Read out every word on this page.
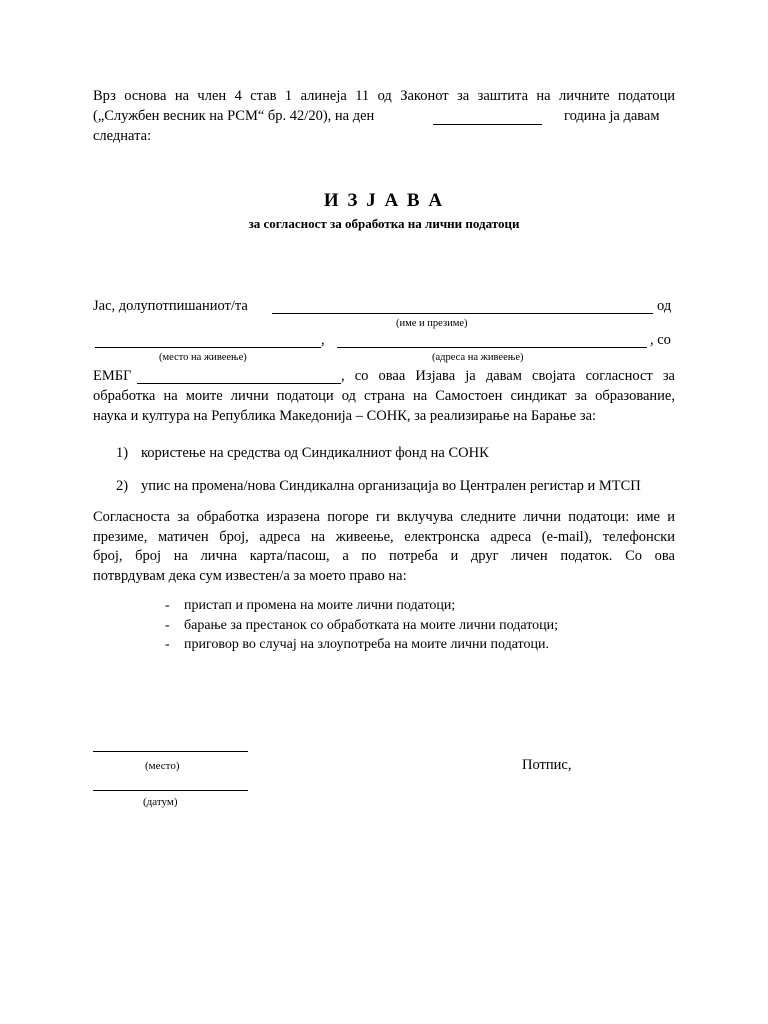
Врз основа на член 4 став 1 алинеја 11 од Законот за заштита на личните податоци
(„Службен весник на РСМ“ бр. 42/20), на ден	година ја давам
следната:
И З Ј А В А
за согласност за обработка на лични податоци
Јас, долупотпишаниот/та	од
(име и презиме)
,	, со
(место на живеење)	(адреса на живеење)
ЕМБГ	, со оваа Изјава ја давам својата согласност за
обработка на моите лични податоци од страна на Самостоен синдикат за образование,
наука и култура на Република Македонија – СОНК, за реализирање на Барање за:
1) користење на средства од Синдикалниот фонд на СОНК
2) упис на промена/нова Синдикална организација во Централен регистар и МТСП
Согласноста за обработка изразена погоре ги вклучува следните лични податоци: име и
презиме, матичен број, адреса на живеење, електронска адреса (e-mail), телефонски
број, број на лична карта/пасош, а по потреба и друг личен податок. Со ова
потврдувам дека сум известен/а за моето право на:
- пристап и промена на моите лични податоци;
- барање за престанок со обработката на моите лични податоци;
- приговор во случај на злоупотреба на моите лични податоци.
(место)	Потпис,
(датум)
